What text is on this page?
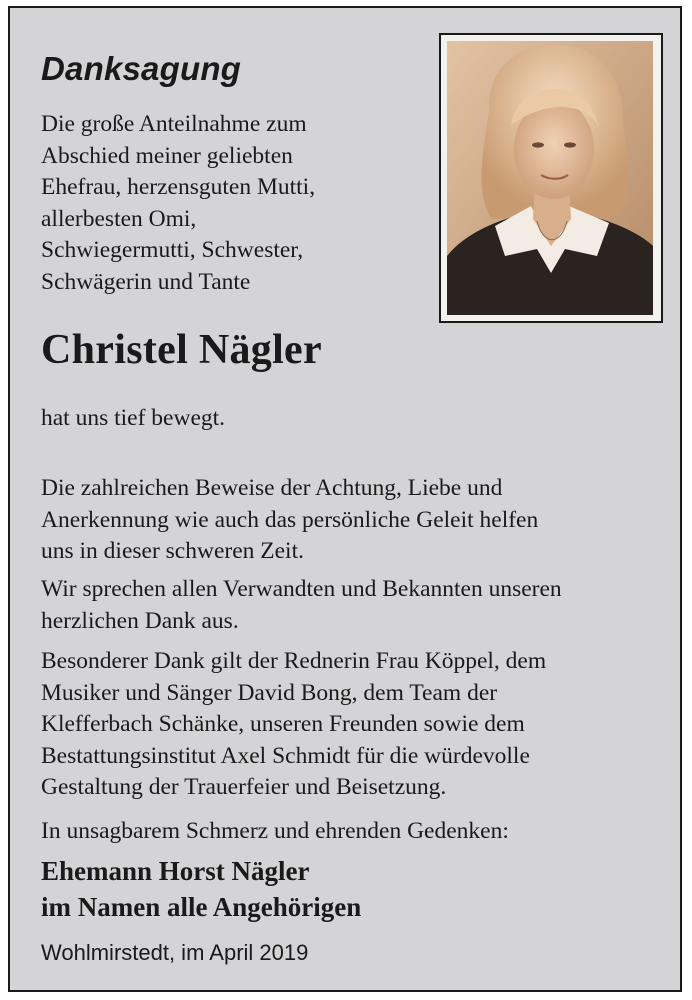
Danksagung
Die große Anteilnahme zum
Abschied meiner geliebten
Ehefrau, herzensguten Mutti,
allerbesten Omi,
Schwiegermutti, Schwester,
Schwägerin und Tante
Christel Nägler
hat uns tief bewegt.
Die zahlreichen Beweise der Achtung, Liebe und
Anerkennung wie auch das persönliche Geleit helfen
uns in dieser schweren Zeit.
Wir sprechen allen Verwandten und Bekannten unseren
herzlichen Dank aus.
Besonderer Dank gilt der Rednerin Frau Köppel, dem
Musiker und Sänger David Bong, dem Team der
Klefferbach Schänke, unseren Freunden sowie dem
Bestattungsinstitut Axel Schmidt für die würdevolle
Gestaltung der Trauerfeier und Beisetzung.
In unsagbarem Schmerz und ehrenden Gedenken:
Ehemann Horst Nägler
im Namen alle Angehörigen
Wohlmirstedt, im April 2019
